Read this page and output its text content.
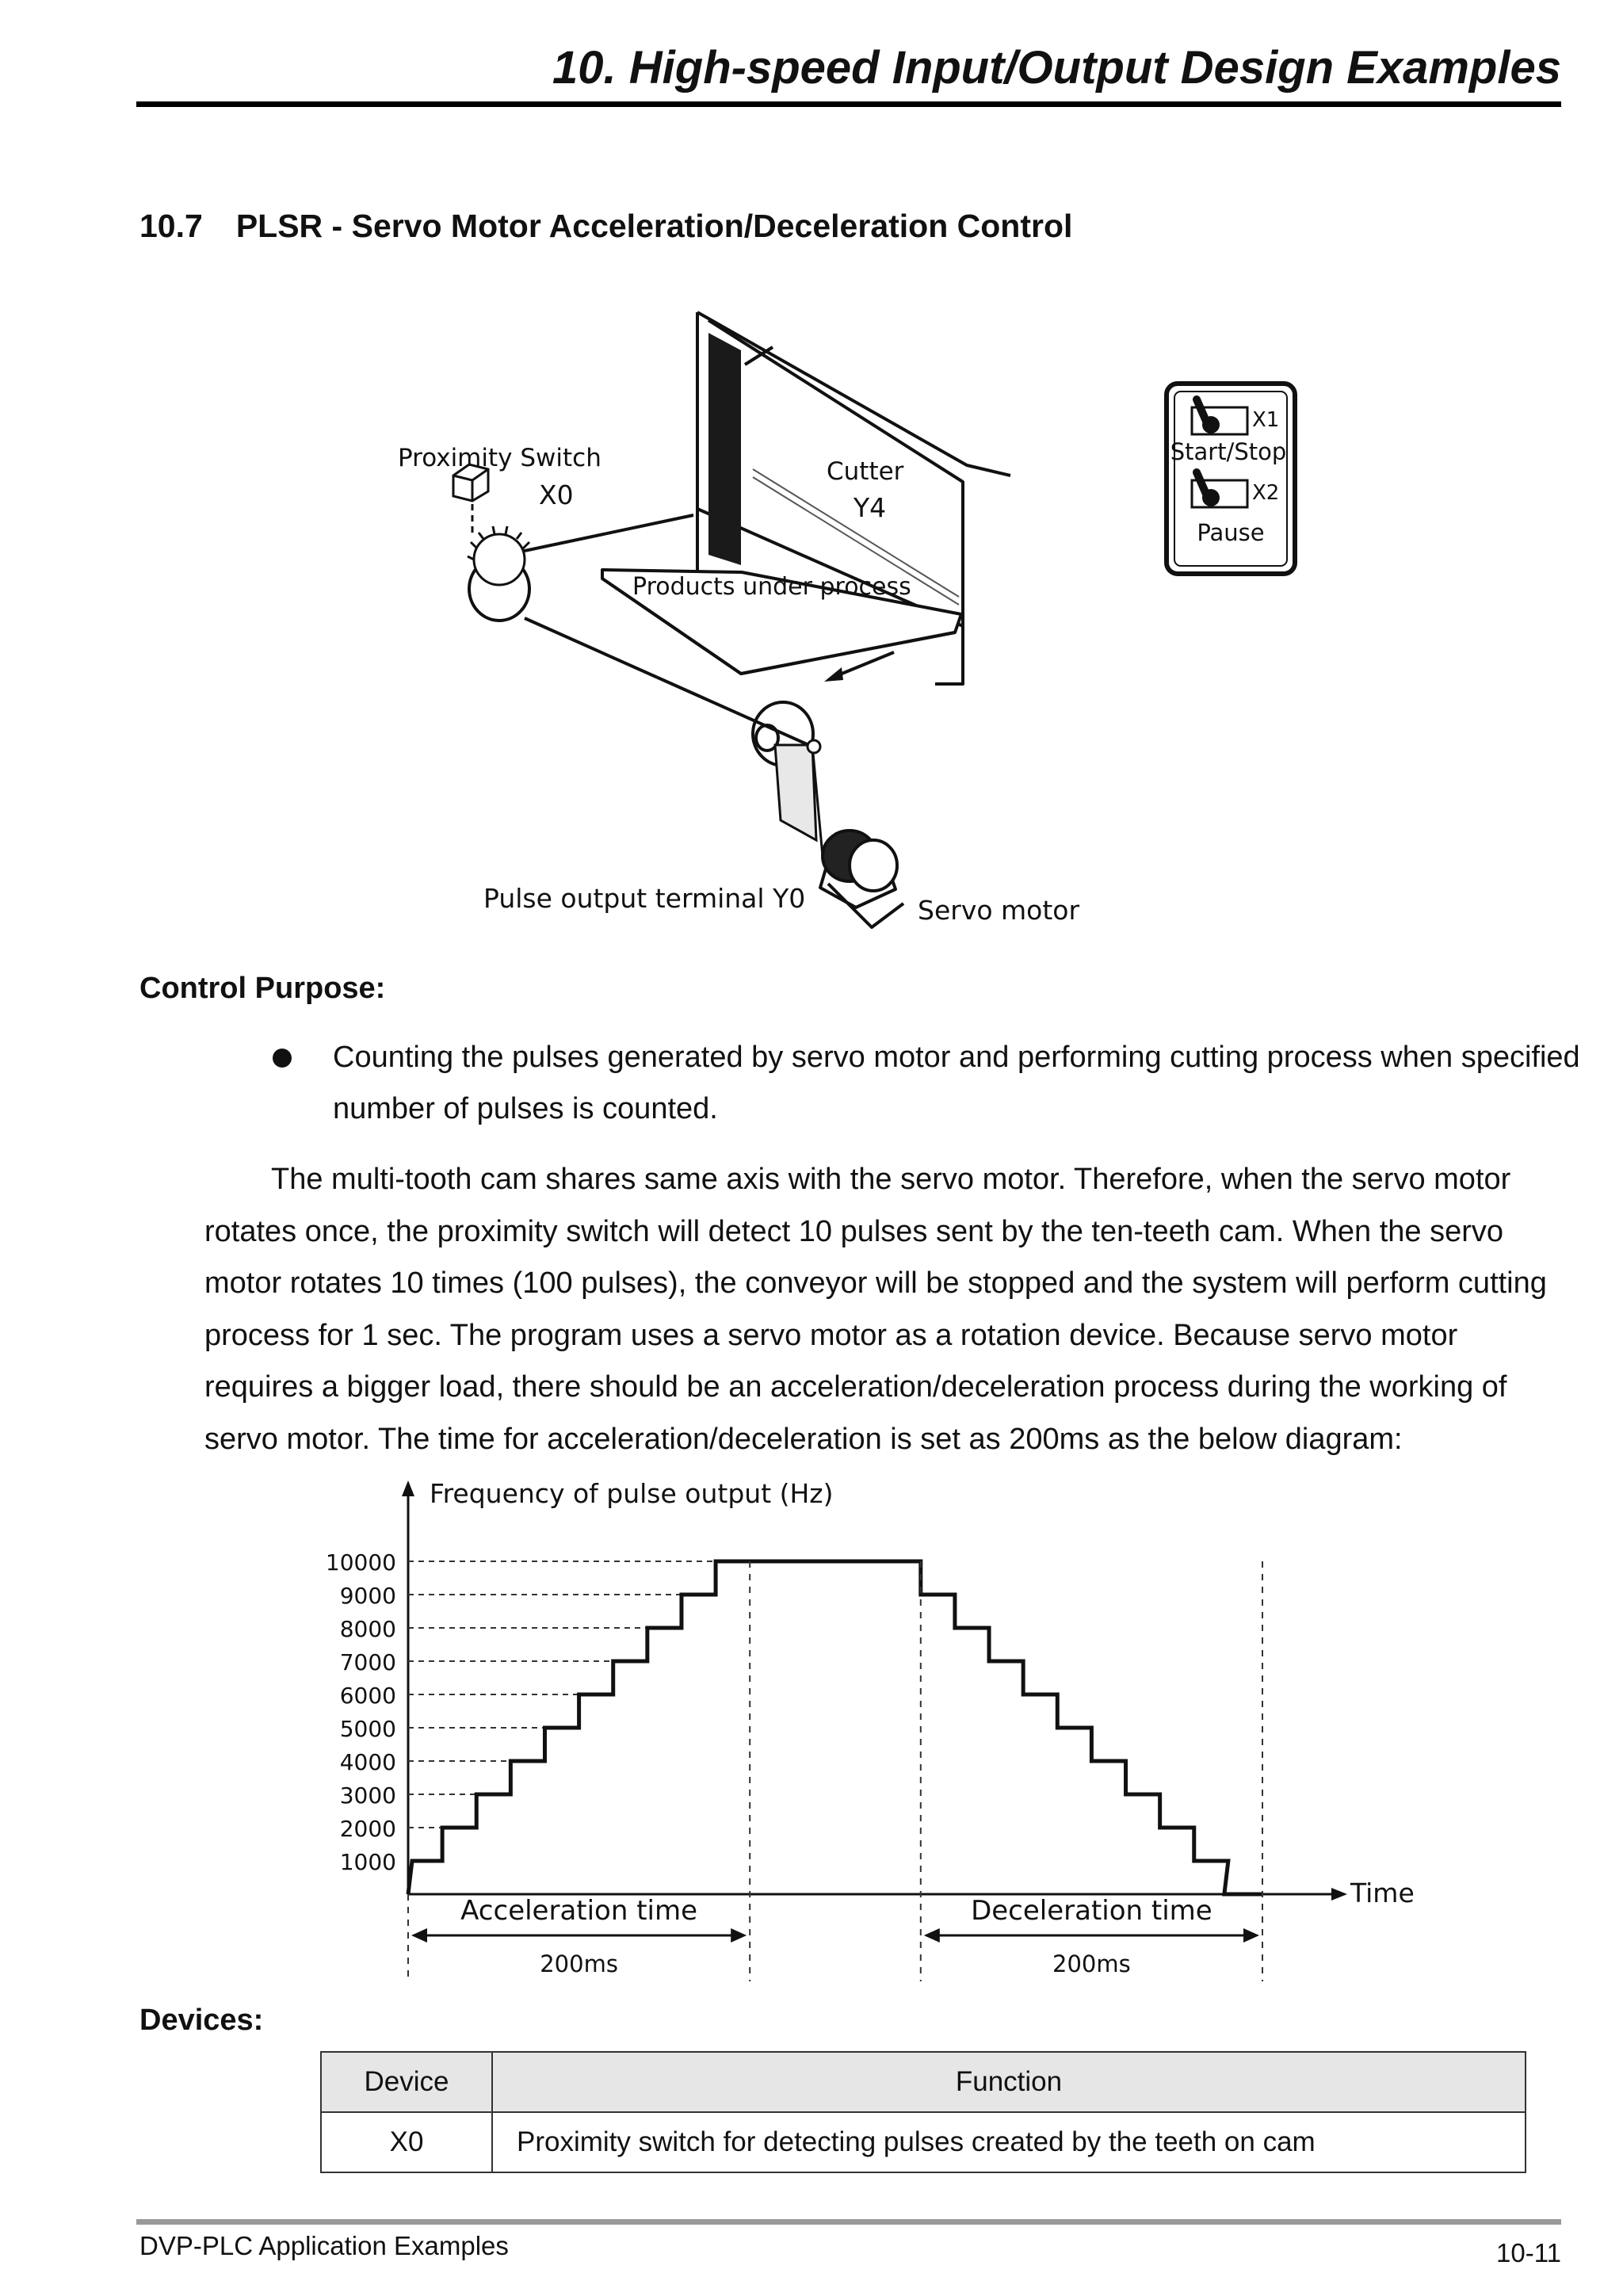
10. High-speed Input/Output Design Examples
10.7 PLSR - Servo Motor Acceleration/Deceleration Control
Proximity Switch
X0
Cutter
Y4
Products under process
Pulse output terminal Y0	Servo motor
X1
Start/Stop
X2
Pause
Control Purpose:
Counting the pulses generated by servo motor and performing cutting process when specified number of pulses is counted.
The multi-tooth cam shares same axis with the servo motor. Therefore, when the servo motor rotates once, the proximity switch will detect 10 pulses sent by the ten-teeth cam. When the servo motor rotates 10 times (100 pulses), the conveyor will be stopped and the system will perform cutting process for 1 sec. The program uses a servo motor as a rotation device. Because servo motor requires a bigger load, there should be an acceleration/deceleration process during the working of servo motor. The time for acceleration/deceleration is set as 200ms as the below diagram:
Frequency of pulse output (Hz)
Time
1000
2000
3000
4000
5000
6000
7000
8000
9000
10000
Acceleration time
200ms
Deceleration time
200ms
Devices:
Device	Function
X0	Proximity switch for detecting pulses created by the teeth on cam
DVP-PLC Application Examples	10-11
